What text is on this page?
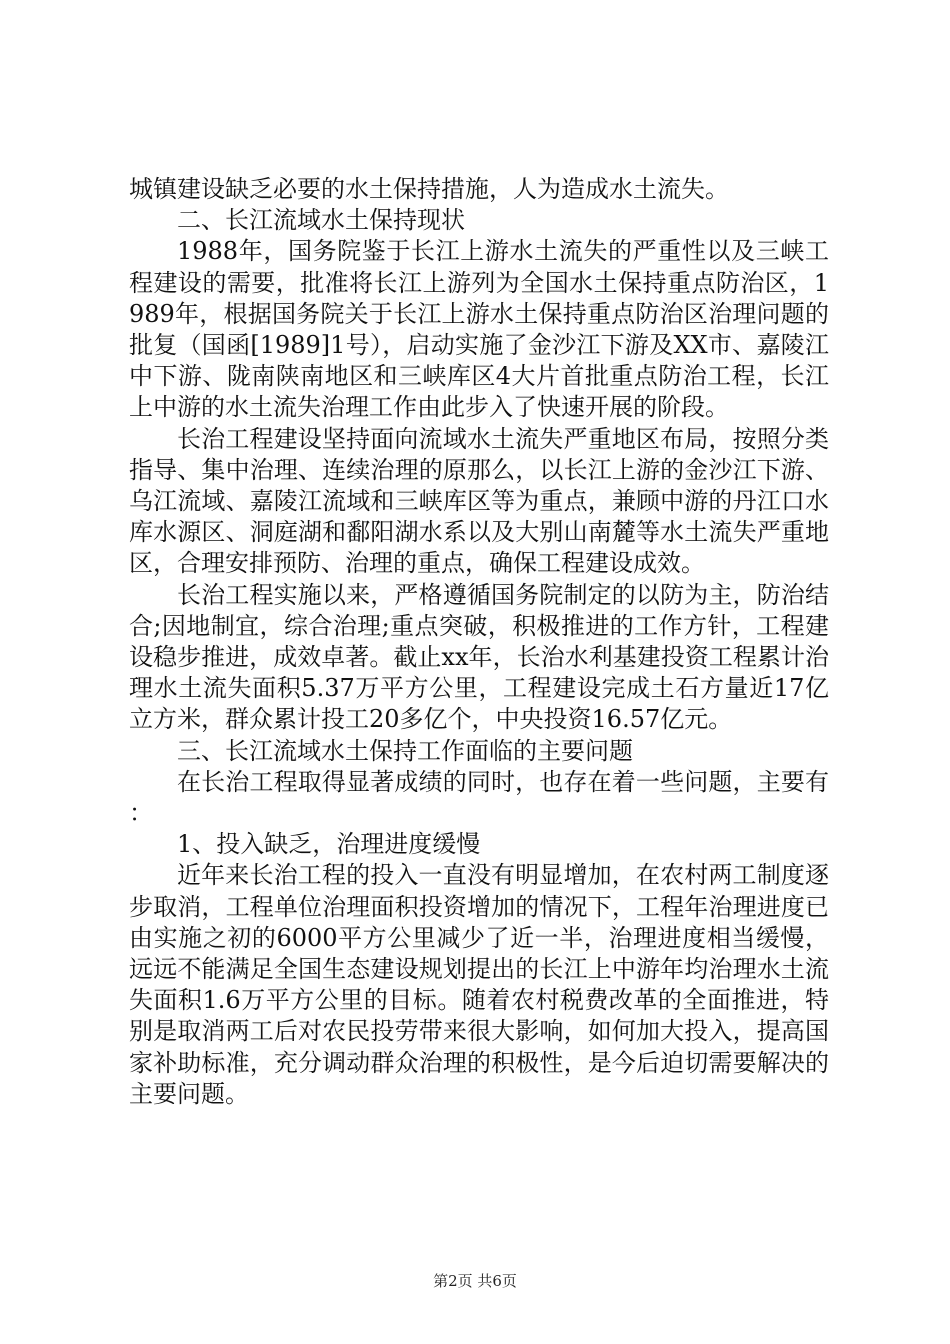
城镇建设缺乏必要的水土保持措施，人为造成水土流失。

二、长江流域水土保持现状

1988年，国务院鉴于长江上游水土流失的严重性以及三峡工程建设的需要，批准将长江上游列为全国水土保持重点防治区，1989年，根据国务院关于长江上游水土保持重点防治区治理问题的批复（国函[1989]1号），启动实施了金沙江下游及XX市、嘉陵江中下游、陇南陕南地区和三峡库区4大片首批重点防治工程，长江上中游的水土流失治理工作由此步入了快速开展的阶段。

长治工程建设坚持面向流域水土流失严重地区布局，按照分类指导、集中治理、连续治理的原那么，以长江上游的金沙江下游、乌江流域、嘉陵江流域和三峡库区等为重点，兼顾中游的丹江口水库水源区、洞庭湖和鄱阳湖水系以及大别山南麓等水土流失严重地区，合理安排预防、治理的重点，确保工程建设成效。

长治工程实施以来，严格遵循国务院制定的以防为主，防治结合;因地制宜，综合治理;重点突破，积极推进的工作方针，工程建设稳步推进，成效卓著。截止xx年，长治水利基建投资工程累计治理水土流失面积5.37万平方公里，工程建设完成土石方量近17亿立方米，群众累计投工20多亿个，中央投资16.57亿元。

三、长江流域水土保持工作面临的主要问题

在长治工程取得显著成绩的同时，也存在着一些问题，主要有：

1、投入缺乏，治理进度缓慢

近年来长治工程的投入一直没有明显增加，在农村两工制度逐步取消，工程单位治理面积投资增加的情况下，工程年治理进度已由实施之初的6000平方公里减少了近一半，治理进度相当缓慢，远远不能满足全国生态建设规划提出的长江上中游年均治理水土流失面积1.6万平方公里的目标。随着农村税费改革的全面推进，特别是取消两工后对农民投劳带来很大影响，如何加大投入，提高国家补助标准，充分调动群众治理的积极性，是今后迫切需要解决的主要问题。

第2页 共6页
